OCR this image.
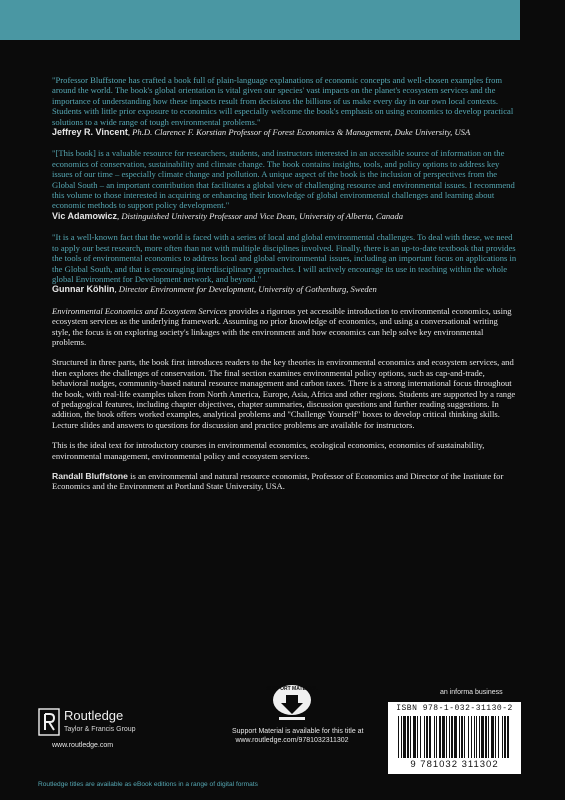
"Professor Bluffstone has crafted a book full of plain-language explanations of economic concepts and well-chosen examples from around the world. The book's global orientation is vital given our species' vast impacts on the planet's ecosystem services and the importance of understanding how these impacts result from decisions the billions of us make every day in our own local contexts. Students with little prior exposure to economics will especially welcome the book's emphasis on using economics to develop practical solutions to a wide range of tough environmental problems."

Jeffrey R. Vincent, Ph.D. Clarence F. Korstian Professor of Forest Economics & Management, Duke University, USA

"[This book] is a valuable resource for researchers, students, and instructors interested in an accessible source of information on the economics of conservation, sustainability and climate change. The book contains insights, tools, and policy options to address key issues of our time – especially climate change and pollution. A unique aspect of the book is the inclusion of perspectives from the Global South – an important contribution that facilitates a global view of challenging resource and environmental issues. I recommend this volume to those interested in acquiring or enhancing their knowledge of global environmental challenges and learning about economic methods to support policy development."

Vic Adamowicz, Distinguished University Professor and Vice Dean, University of Alberta, Canada

"It is a well-known fact that the world is faced with a series of local and global environmental challenges. To deal with these, we need to apply our best research, more often than not with multiple disciplines involved. Finally, there is an up-to-date textbook that provides the tools of environmental economics to address local and global environmental issues, including an important focus on applications in the Global South, and that is encouraging interdisciplinary approaches. I will actively encourage its use in teaching within the whole global Environment for Development network, and beyond."

Gunnar Köhlin, Director Environment for Development, University of Gothenburg, Sweden

Environmental Economics and Ecosystem Services provides a rigorous yet accessible introduction to environmental economics, using ecosystem services as the underlying framework. Assuming no prior knowledge of economics, and using a conversational writing style, the focus is on exploring society's linkages with the environment and how economics can help solve key environmental problems.

Structured in three parts, the book first introduces readers to the key theories in environmental economics and ecosystem services, and then explores the challenges of conservation. The final section examines environmental policy options, such as cap-and-trade, behavioral nudges, community-based natural resource management and carbon taxes. There is a strong international focus throughout the book, with real-life examples taken from North America, Europe, Asia, Africa and other regions. Students are supported by a range of pedagogical features, including chapter objectives, chapter summaries, discussion questions and further reading suggestions. In addition, the book offers worked examples, analytical problems and "Challenge Yourself" boxes to develop critical thinking skills. Lecture slides and answers to questions for discussion and practice problems are available for instructors.

This is the ideal text for introductory courses in environmental economics, ecological economics, economics of sustainability, environmental management, environmental policy and ecosystem services.

Randall Bluffstone is an environmental and natural resource economist, Professor of Economics and Director of the Institute for Economics and the Environment at Portland State University, USA.

Routledge
Taylor & Francis Group
www.routledge.com
SUPPORT MATERIAL
Support Material is available for this title at
www.routledge.com/9781032311302
an informa business
ISBN 978-1-032-31130-2
9 781032 311302
Routledge titles are available as eBook editions in a range of digital formats
